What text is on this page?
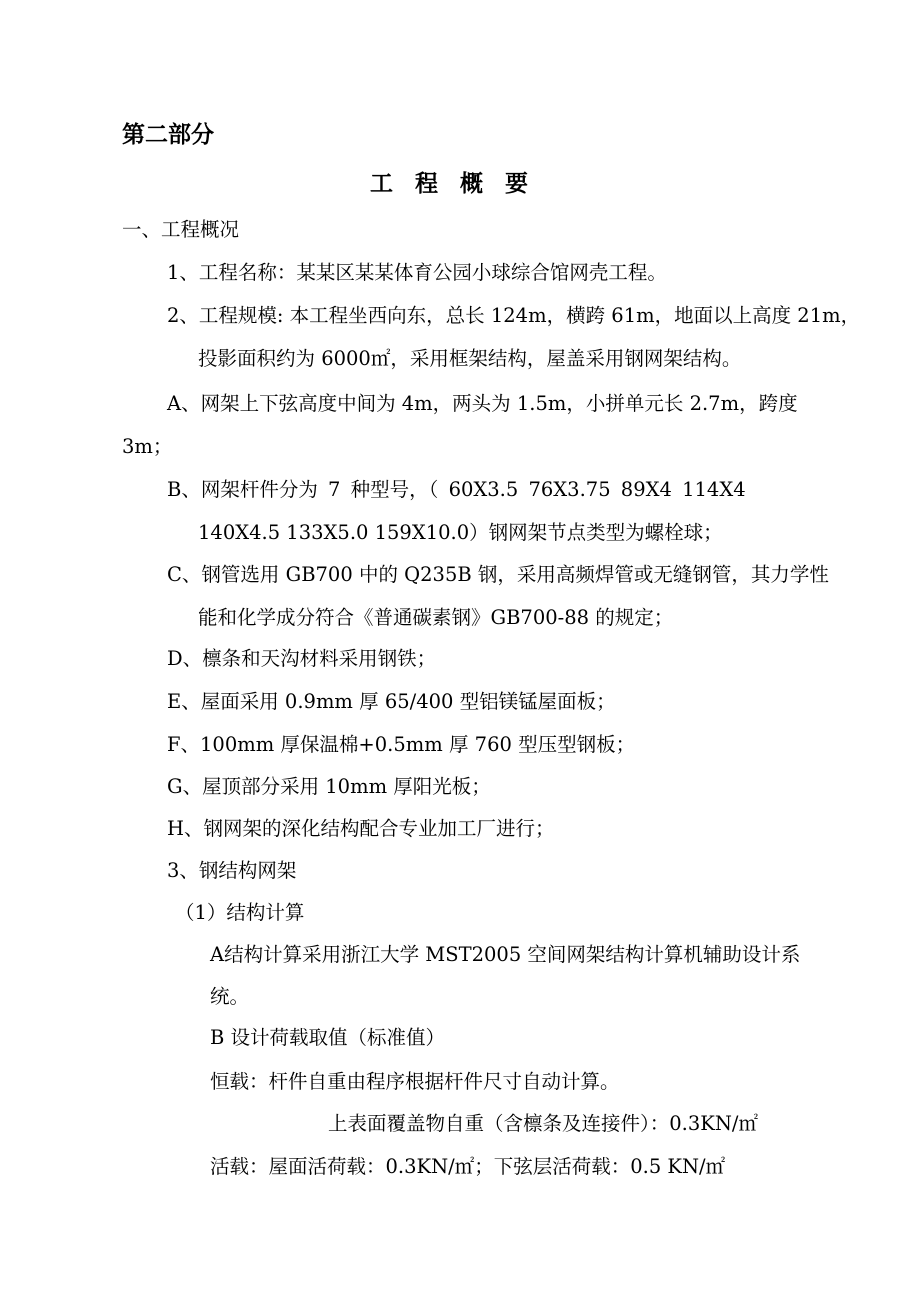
第二部分
工程概要
一、工程概况
1、工程名称：某某区某某体育公园小球综合馆网壳工程。
2、工程规模: 本工程坐西向东，总长 124m，横跨 61m，地面以上高度 21m，
投影面积约为 6000㎡，采用框架结构，屋盖采用钢网架结构。
A、网架上下弦高度中间为 4m，两头为 1.5m，小拼单元长 2.7m，跨度
3m；
B、网架杆件分为 7 种型号，（ 60X3.5 76X3.75 89X4 114X4
140X4.5 133X5.0 159X10.0）钢网架节点类型为螺栓球；
C、钢管选用 GB700 中的 Q235B 钢，采用高频焊管或无缝钢管，其力学性
能和化学成分符合《普通碳素钢》GB700-88 的规定；
D、檩条和天沟材料采用钢铁；
E、屋面采用 0.9mm 厚 65/400 型铝镁锰屋面板；
F、100mm 厚保温棉+0.5mm 厚 760 型压型钢板；
G、屋顶部分采用 10mm 厚阳光板；
H、钢网架的深化结构配合专业加工厂进行；
3、钢结构网架
（1）结构计算
A结构计算采用浙江大学 MST2005 空间网架结构计算机辅助设计系
统。
B 设计荷载取值（标准值）
恒载：杆件自重由程序根据杆件尺寸自动计算。
上表面覆盖物自重（含檩条及连接件）：0.3KN/㎡
活载：屋面活荷载：0.3KN/㎡；下弦层活荷载：0.5 KN/㎡
